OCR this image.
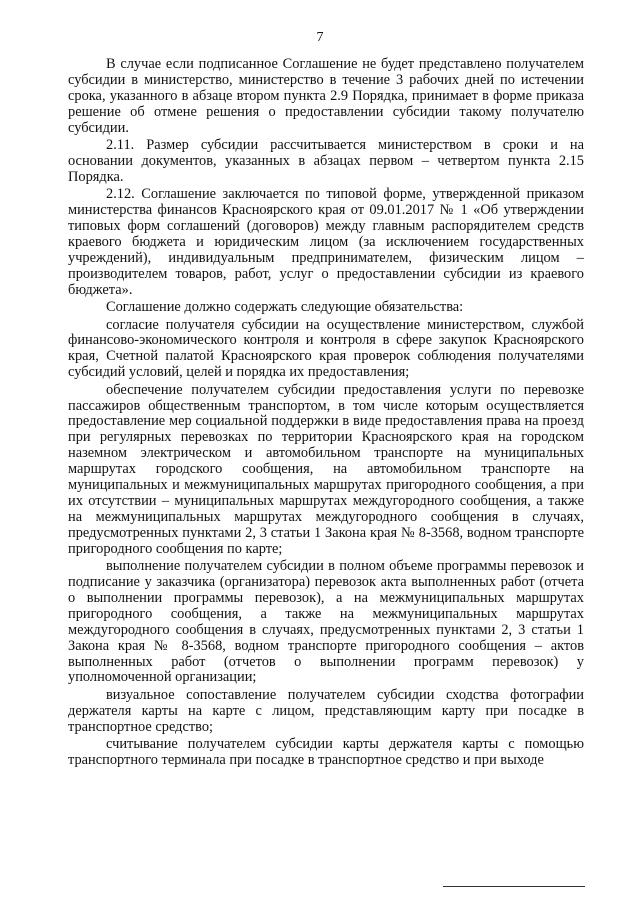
7

В случае если подписанное Соглашение не будет представлено получателем субсидии в министерство, министерство в течение 3 рабочих дней по истечении срока, указанного в абзаце втором пункта 2.9 Порядка, принимает в форме приказа решение об отмене решения о предоставлении субсидии такому получателю субсидии.

2.11. Размер субсидии рассчитывается министерством в сроки и на основании документов, указанных в абзацах первом – четвертом пункта 2.15 Порядка.

2.12. Соглашение заключается по типовой форме, утвержденной приказом министерства финансов Красноярского края от 09.01.2017 № 1 «Об утверждении типовых форм соглашений (договоров) между главным распорядителем средств краевого бюджета и юридическим лицом (за исключением государственных учреждений), индивидуальным предпринимателем, физическим лицом – производителем товаров, работ, услуг о предоставлении субсидии из краевого бюджета».

Соглашение должно содержать следующие обязательства:

согласие получателя субсидии на осуществление министерством, службой финансово-экономического контроля и контроля в сфере закупок Красноярского края, Счетной палатой Красноярского края проверок соблюдения получателями субсидий условий, целей и порядка их предоставления;

обеспечение получателем субсидии предоставления услуги по перевозке пассажиров общественным транспортом, в том числе которым осуществляется предоставление мер социальной поддержки в виде предоставления права на проезд при регулярных перевозках по территории Красноярского края на городском наземном электрическом и автомобильном транспорте на муниципальных маршрутах городского сообщения, на автомобильном транспорте на муниципальных и межмуниципальных маршрутах пригородного сообщения, а при их отсутствии – муниципальных маршрутах междугородного сообщения, а также на межмуниципальных маршрутах междугородного сообщения в случаях, предусмотренных пунктами 2, 3 статьи 1 Закона края № 8-3568, водном транспорте пригородного сообщения по карте;

выполнение получателем субсидии в полном объеме программы перевозок и подписание у заказчика (организатора) перевозок акта выполненных работ (отчета о выполнении программы перевозок), а на межмуниципальных маршрутах пригородного сообщения, а также на межмуниципальных маршрутах междугородного сообщения в случаях, предусмотренных пунктами 2, 3 статьи 1 Закона края № 8-3568, водном транспорте пригородного сообщения – актов выполненных работ (отчетов о выполнении программ перевозок) у уполномоченной организации;

визуальное сопоставление получателем субсидии сходства фотографии держателя карты на карте с лицом, представляющим карту при посадке в транспортное средство;

считывание получателем субсидии карты держателя карты с помощью транспортного терминала при посадке в транспортное средство и при выходе
